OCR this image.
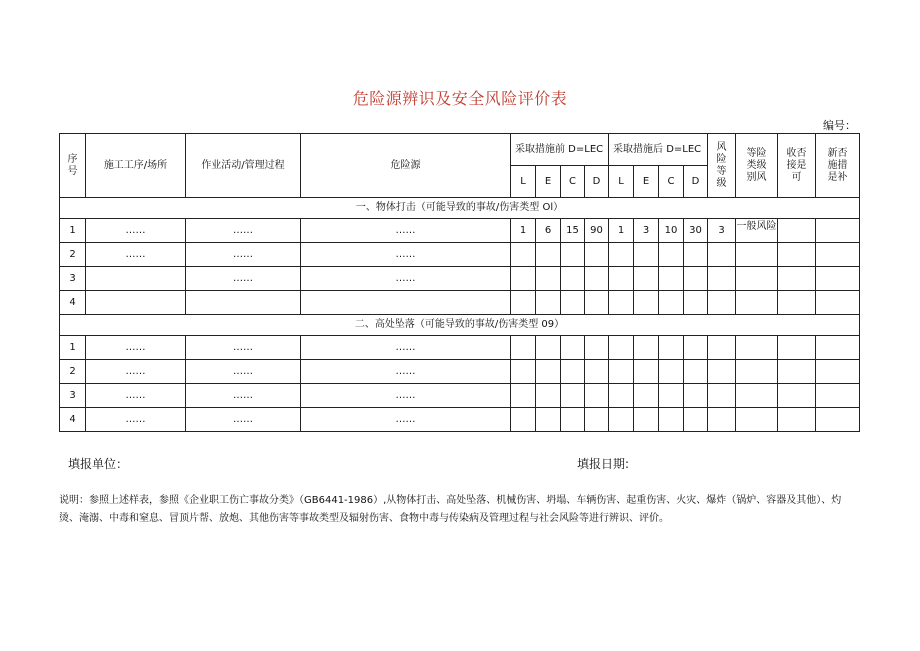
危险源辨识及安全风险评价表
编号：
序号	施工工序/场所	作业活动/管理过程	危险源	采取措施前 D=LEC				采取措施后 D=LEC				风险等级	等险类级别风	收否接是可	新否施措是补
				L	E	C	D	L	E	C	D				
一、物体打击（可能导致的事故/伤害类型 Ol）															
1	……	……	……	1	6	15	90	1	3	10	30	3	一般风险		

2	……	……	……										

3		……	……										

4													

二、高处坠落（可能导致的事故/伤害类型 09）															
1	……	……	……										

2	……	……	……										

3	……	……	……										

4	……	……	……										

填报单位：	填报日期:
说明：参照上述样表，参照《企业职工伤亡事故分类》（GB6441-1986）,从物体打击、高处坠落、机械伤害、坍塌、车辆伤害、起重伤害、火灾、爆炸（锅炉、容器及其他）、灼烫、淹溺、中毒和窒息、冒顶片帮、放炮、其他伤害等事故类型及辐射伤害、食物中毒与传染病及管理过程与社会风险等进行辨识、评价。
